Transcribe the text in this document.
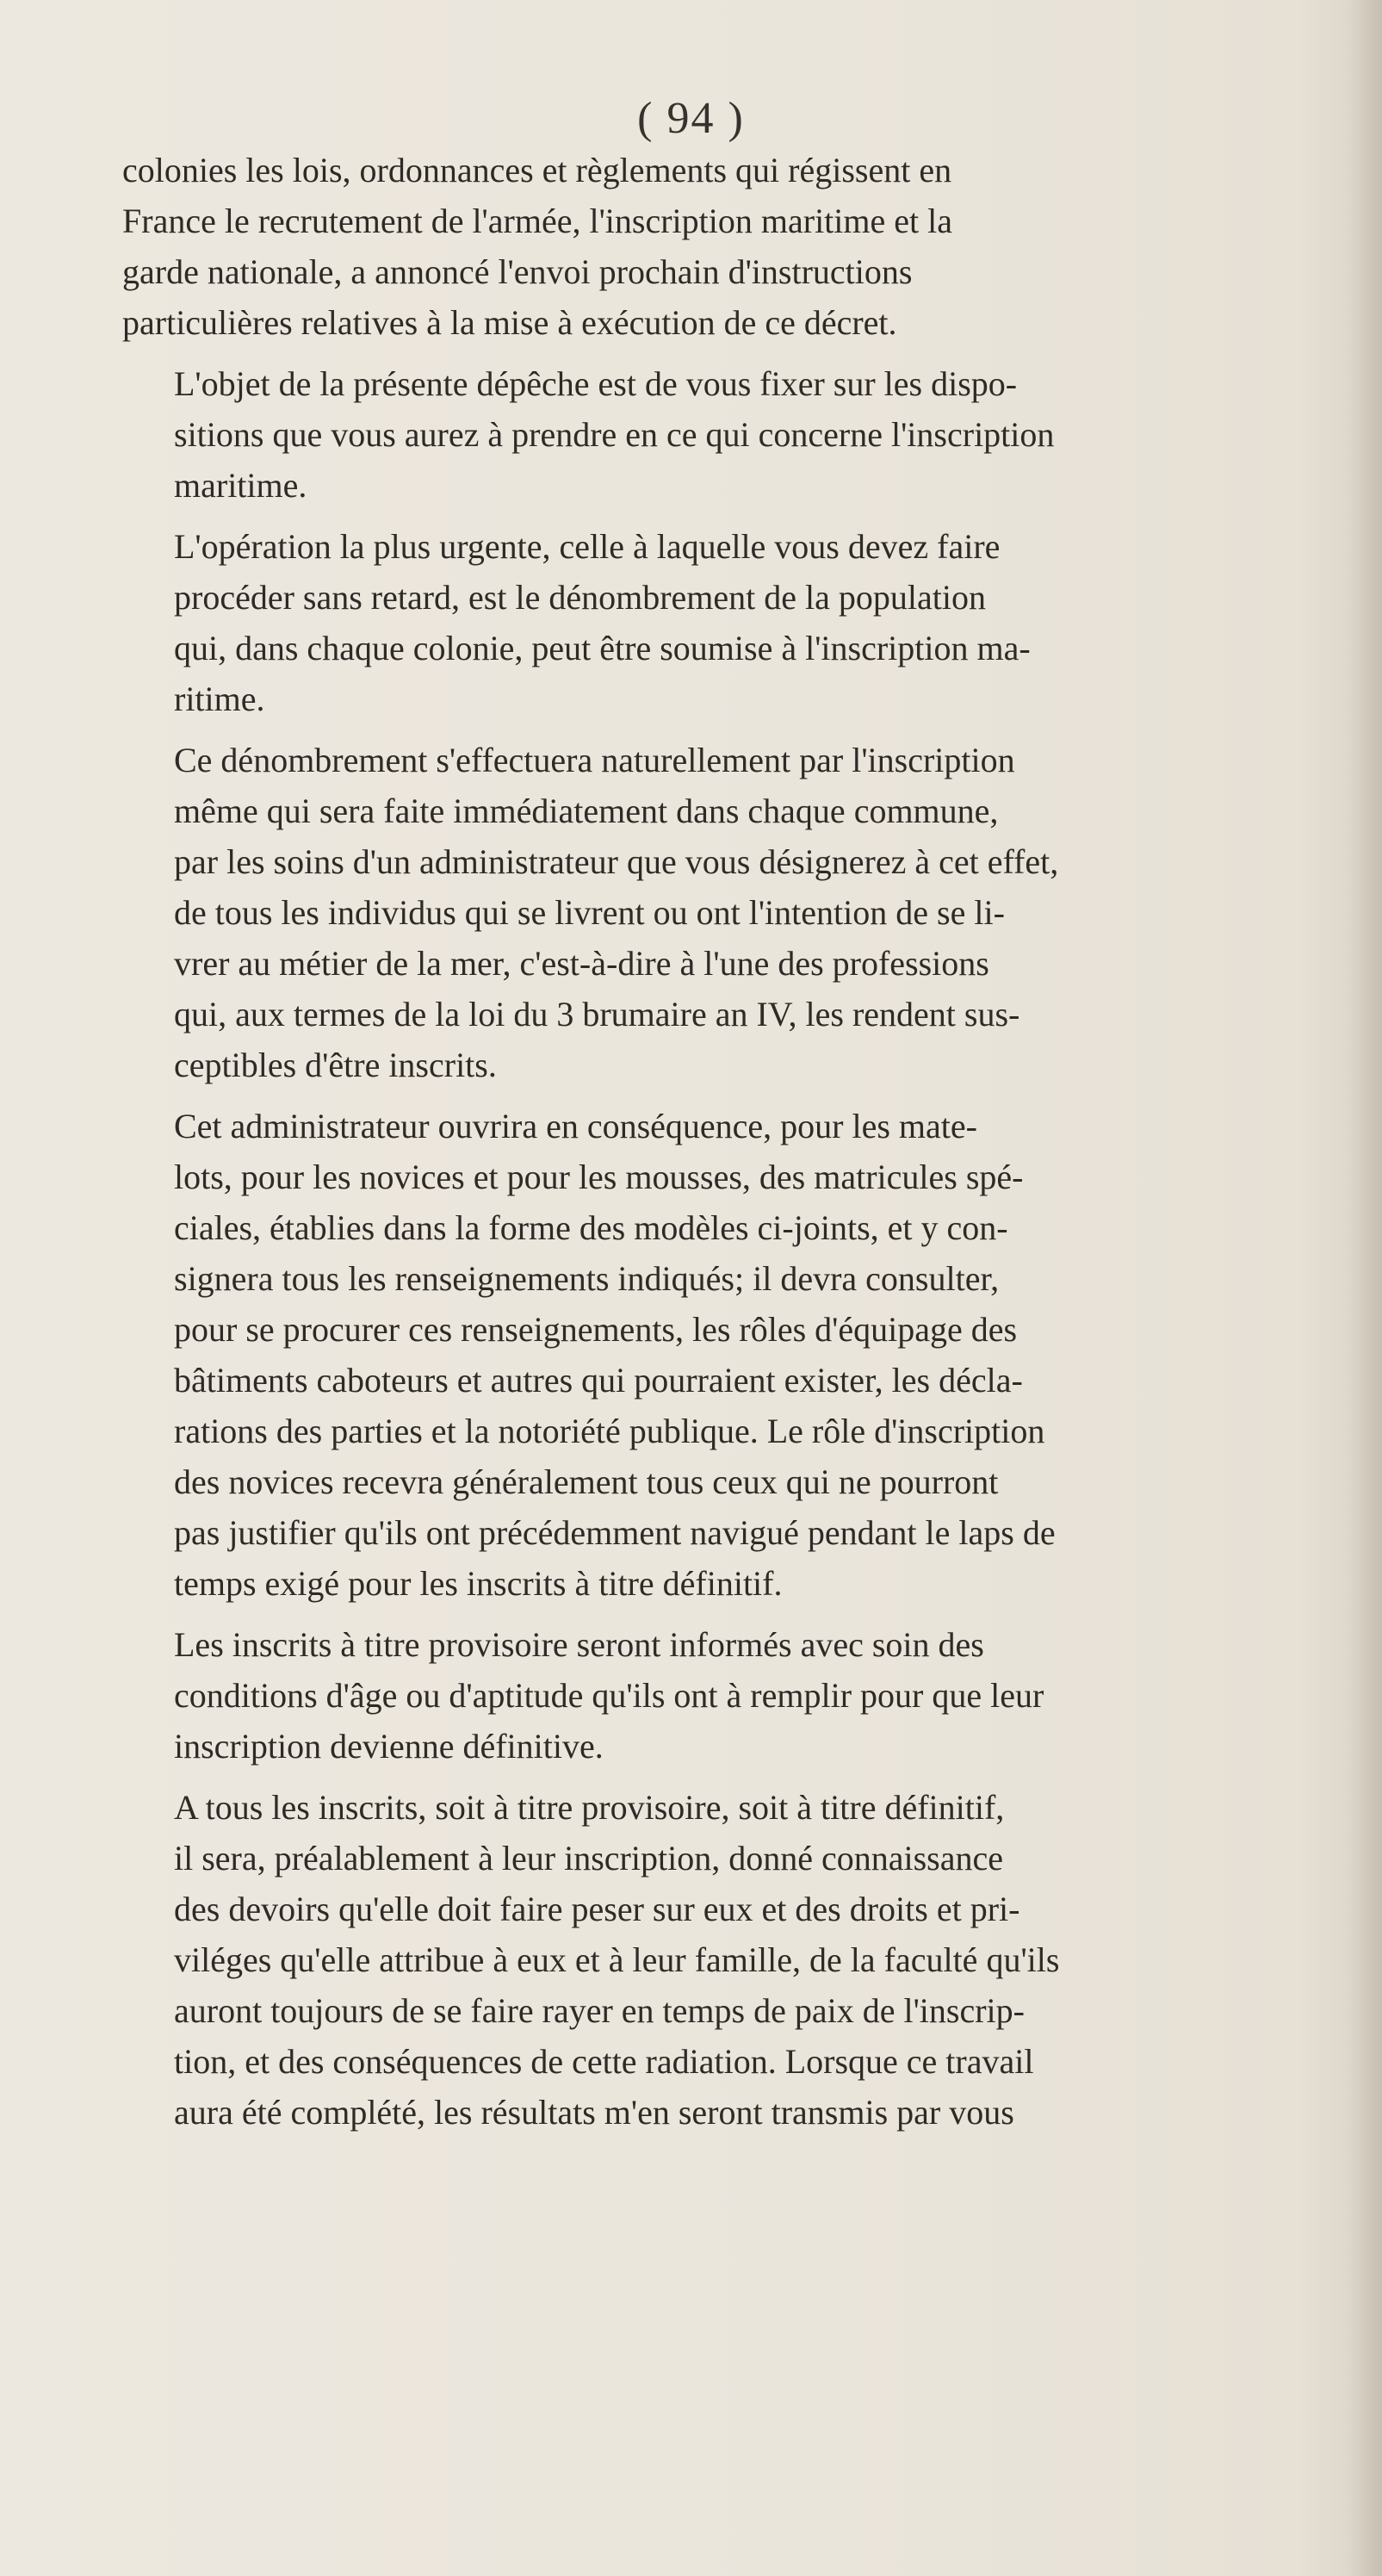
( 94 )

colonies les lois, ordonnances et règlements qui régissent en
France le recrutement de l'armée, l'inscription maritime et la
garde nationale, a annoncé l'envoi prochain d'instructions
particulières relatives à la mise à exécution de ce décret.

L'objet de la présente dépêche est de vous fixer sur les dispo-
sitions que vous aurez à prendre en ce qui concerne l'inscription
maritime.

L'opération la plus urgente, celle à laquelle vous devez faire
procéder sans retard, est le dénombrement de la population
qui, dans chaque colonie, peut être soumise à l'inscription ma-
ritime.

Ce dénombrement s'effectuera naturellement par l'inscription
même qui sera faite immédiatement dans chaque commune,
par les soins d'un administrateur que vous désignerez à cet effet,
de tous les individus qui se livrent ou ont l'intention de se li-
vrer au métier de la mer, c'est-à-dire à l'une des professions
qui, aux termes de la loi du 3 brumaire an IV, les rendent sus-
ceptibles d'être inscrits.

Cet administrateur ouvrira en conséquence, pour les mate-
lots, pour les novices et pour les mousses, des matricules spé-
ciales, établies dans la forme des modèles ci-joints, et y con-
signera tous les renseignements indiqués; il devra consulter,
pour se procurer ces renseignements, les rôles d'équipage des
bâtiments caboteurs et autres qui pourraient exister, les décla-
rations des parties et la notoriété publique. Le rôle d'inscription
des novices recevra généralement tous ceux qui ne pourront
pas justifier qu'ils ont précédemment navigué pendant le laps de
temps exigé pour les inscrits à titre définitif.

Les inscrits à titre provisoire seront informés avec soin des
conditions d'âge ou d'aptitude qu'ils ont à remplir pour que leur
inscription devienne définitive.

A tous les inscrits, soit à titre provisoire, soit à titre définitif,
il sera, préalablement à leur inscription, donné connaissance
des devoirs qu'elle doit faire peser sur eux et des droits et pri-
viléges qu'elle attribue à eux et à leur famille, de la faculté qu'ils
auront toujours de se faire rayer en temps de paix de l'inscrip-
tion, et des conséquences de cette radiation. Lorsque ce travail
aura été complété, les résultats m'en seront transmis par vous
